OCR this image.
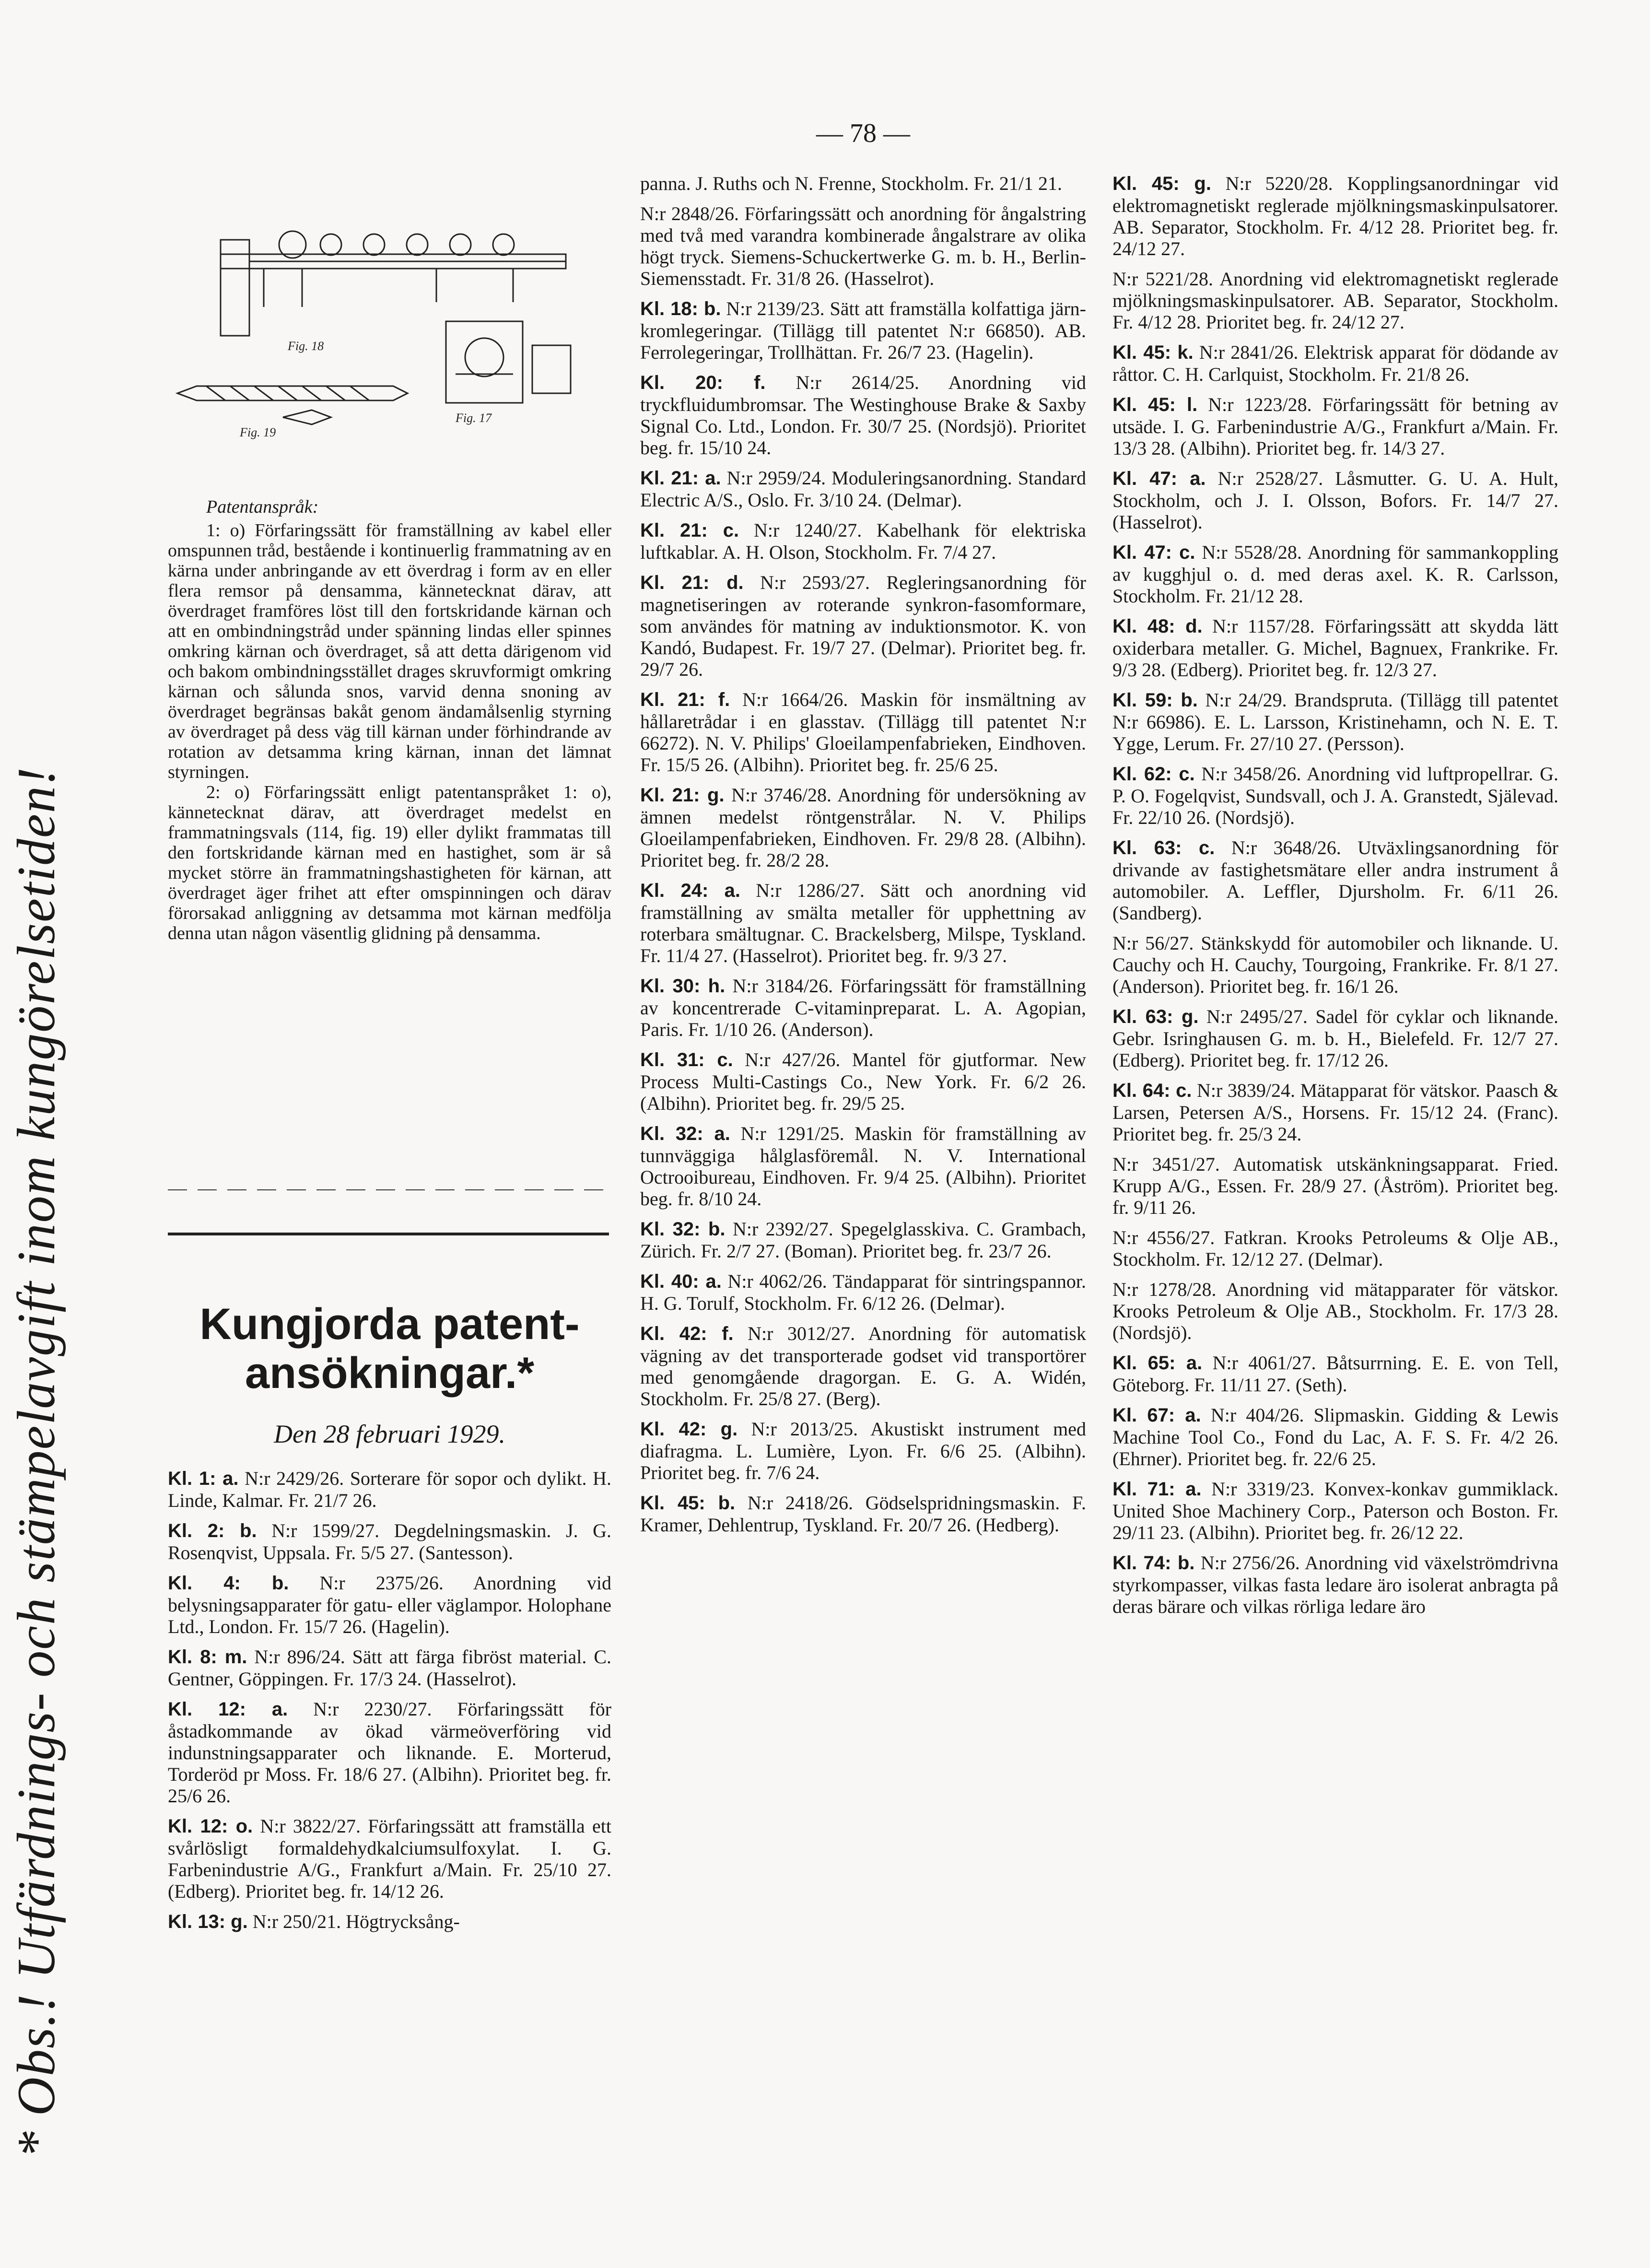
* Obs.! Utfärdnings- och stämpelavgift inom kungörelsetiden!
— 78 —
Fig. 18
Fig. 19
Fig. 17
Patentanspråk:

1: o) Förfaringssätt för framställning av kabel eller omspunnen tråd, bestående i kontinuerlig frammatning av en kärna under anbringande av ett överdrag i form av en eller flera remsor på densamma, kännetecknat därav, att överdraget framföres löst till den fortskridande kärnan och att en ombindningstråd under spänning lindas eller spinnes omkring kärnan och överdraget, så att detta därigenom vid och bakom ombindningsstället drages skruvformigt omkring kärnan och sålunda snos, varvid denna snoning av överdraget begränsas bakåt genom ändamålsenlig styrning av överdraget på dess väg till kärnan under förhindrande av rotation av detsamma kring kärnan, innan det lämnat styrningen.

2: o) Förfaringssätt enligt patentanspråket 1: o), kännetecknat därav, att överdraget medelst en frammatningsvals (114, fig. 19) eller dylikt frammatas till den fortskridande kärnan med en hastighet, som är så mycket större än frammatningshastigheten för kärnan, att överdraget äger frihet att efter omspinningen och därav förorsakad anliggning av detsamma mot kärnan medfölja denna utan någon väsentlig glidning på densamma.

Kungjorda patent-ansökningar.*
Den 28 februari 1929.
Kl. 1: a. N:r 2429/26. Sorterare för sopor och dylikt. H. Linde, Kalmar. Fr. 21/7 26.
Kl. 2: b. N:r 1599/27. Degdelningsmaskin. J. G. Rosenqvist, Uppsala. Fr. 5/5 27. (Santesson).
Kl. 4: b. N:r 2375/26. Anordning vid belysningsapparater för gatu- eller väglampor. Holophane Ltd., London. Fr. 15/7 26. (Hagelin).
Kl. 8: m. N:r 896/24. Sätt att färga fibröst material. C. Gentner, Göppingen. Fr. 17/3 24. (Hasselrot).
Kl. 12: a. N:r 2230/27. Förfaringssätt för åstadkommande av ökad värmeöverföring vid indunstningsapparater och liknande. E. Morterud, Torderöd pr Moss. Fr. 18/6 27. (Albihn). Prioritet beg. fr. 25/6 26.
Kl. 12: o. N:r 3822/27. Förfaringssätt att framställa ett svårlösligt formaldehydkalciumsulfoxylat. I. G. Farbenindustrie A/G., Frankfurt a/Main. Fr. 25/10 27. (Edberg). Prioritet beg. fr. 14/12 26.
Kl. 13: g. N:r 250/21. Högtrycksång-
panna. J. Ruths och N. Frenne, Stockholm. Fr. 21/1 21.
N:r 2848/26. Förfaringssätt och anordning för ångalstring med två med varandra kombinerade ångalstrare av olika högt tryck. Siemens-Schuckertwerke G. m. b. H., Berlin-Siemensstadt. Fr. 31/8 26. (Hasselrot).
Kl. 18: b. N:r 2139/23. Sätt att framställa kolfattiga järn-kromlegeringar. (Tillägg till patentet N:r 66850). AB. Ferrolegeringar, Trollhättan. Fr. 26/7 23. (Hagelin).
Kl. 20: f. N:r 2614/25. Anordning vid tryckfluidumbromsar. The Westinghouse Brake & Saxby Signal Co. Ltd., London. Fr. 30/7 25. (Nordsjö). Prioritet beg. fr. 15/10 24.
Kl. 21: a. N:r 2959/24. Moduleringsanordning. Standard Electric A/S., Oslo. Fr. 3/10 24. (Delmar).
Kl. 21: c. N:r 1240/27. Kabelhank för elektriska luftkablar. A. H. Olson, Stockholm. Fr. 7/4 27.
Kl. 21: d. N:r 2593/27. Regleringsanordning för magnetiseringen av roterande synkron-fasomformare, som användes för matning av induktionsmotor. K. von Kandó, Budapest. Fr. 19/7 27. (Delmar). Prioritet beg. fr. 29/7 26.
Kl. 21: f. N:r 1664/26. Maskin för insmältning av hållaretrådar i en glasstav. (Tillägg till patentet N:r 66272). N. V. Philips' Gloeilampenfabrieken, Eindhoven. Fr. 15/5 26. (Albihn). Prioritet beg. fr. 25/6 25.
Kl. 21: g. N:r 3746/28. Anordning för undersökning av ämnen medelst röntgenstrålar. N. V. Philips Gloeilampenfabrieken, Eindhoven. Fr. 29/8 28. (Albihn). Prioritet beg. fr. 28/2 28.
Kl. 24: a. N:r 1286/27. Sätt och anordning vid framställning av smälta metaller för upphettning av roterbara smältugnar. C. Brackelsberg, Milspe, Tyskland. Fr. 11/4 27. (Hasselrot). Prioritet beg. fr. 9/3 27.
Kl. 30: h. N:r 3184/26. Förfaringssätt för framställning av koncentrerade C-vitaminpreparat. L. A. Agopian, Paris. Fr. 1/10 26. (Anderson).
Kl. 31: c. N:r 427/26. Mantel för gjutformar. New Process Multi-Castings Co., New York. Fr. 6/2 26. (Albihn). Prioritet beg. fr. 29/5 25.
Kl. 32: a. N:r 1291/25. Maskin för framställning av tunnväggiga hålglasföremål. N. V. International Octrooibureau, Eindhoven. Fr. 9/4 25. (Albihn). Prioritet beg. fr. 8/10 24.
Kl. 32: b. N:r 2392/27. Spegelglasskiva. C. Grambach, Zürich. Fr. 2/7 27. (Boman). Prioritet beg. fr. 23/7 26.
Kl. 40: a. N:r 4062/26. Tändapparat för sintringspannor. H. G. Torulf, Stockholm. Fr. 6/12 26. (Delmar).
Kl. 42: f. N:r 3012/27. Anordning för automatisk vägning av det transporterade godset vid transportörer med genomgående dragorgan. E. G. A. Widén, Stockholm. Fr. 25/8 27. (Berg).
Kl. 42: g. N:r 2013/25. Akustiskt instrument med diafragma. L. Lumière, Lyon. Fr. 6/6 25. (Albihn). Prioritet beg. fr. 7/6 24.
Kl. 45: b. N:r 2418/26. Gödselspridningsmaskin. F. Kramer, Dehlentrup, Tyskland. Fr. 20/7 26. (Hedberg).
Kl. 45: g. N:r 5220/28. Kopplingsanordningar vid elektromagnetiskt reglerade mjölkningsmaskinpulsatorer. AB. Separator, Stockholm. Fr. 4/12 28. Prioritet beg. fr. 24/12 27.
N:r 5221/28. Anordning vid elektromagnetiskt reglerade mjölkningsmaskinpulsatorer. AB. Separator, Stockholm. Fr. 4/12 28. Prioritet beg. fr. 24/12 27.
Kl. 45: k. N:r 2841/26. Elektrisk apparat för dödande av råttor. C. H. Carlquist, Stockholm. Fr. 21/8 26.
Kl. 45: l. N:r 1223/28. Förfaringssätt för betning av utsäde. I. G. Farbenindustrie A/G., Frankfurt a/Main. Fr. 13/3 28. (Albihn). Prioritet beg. fr. 14/3 27.
Kl. 47: a. N:r 2528/27. Låsmutter. G. U. A. Hult, Stockholm, och J. I. Olsson, Bofors. Fr. 14/7 27. (Hasselrot).
Kl. 47: c. N:r 5528/28. Anordning för sammankoppling av kugghjul o. d. med deras axel. K. R. Carlsson, Stockholm. Fr. 21/12 28.
Kl. 48: d. N:r 1157/28. Förfaringssätt att skydda lätt oxiderbara metaller. G. Michel, Bagnuex, Frankrike. Fr. 9/3 28. (Edberg). Prioritet beg. fr. 12/3 27.
Kl. 59: b. N:r 24/29. Brandspruta. (Tillägg till patentet N:r 66986). E. L. Larsson, Kristinehamn, och N. E. T. Ygge, Lerum. Fr. 27/10 27. (Persson).
Kl. 62: c. N:r 3458/26. Anordning vid luftpropellrar. G. P. O. Fogelqvist, Sundsvall, och J. A. Granstedt, Själevad. Fr. 22/10 26. (Nordsjö).
Kl. 63: c. N:r 3648/26. Utväxlingsanordning för drivande av fastighetsmätare eller andra instrument å automobiler. A. Leffler, Djursholm. Fr. 6/11 26. (Sandberg).
N:r 56/27. Stänkskydd för automobiler och liknande. U. Cauchy och H. Cauchy, Tourgoing, Frankrike. Fr. 8/1 27. (Anderson). Prioritet beg. fr. 16/1 26.
Kl. 63: g. N:r 2495/27. Sadel för cyklar och liknande. Gebr. Isringhausen G. m. b. H., Bielefeld. Fr. 12/7 27. (Edberg). Prioritet beg. fr. 17/12 26.
Kl. 64: c. N:r 3839/24. Mätapparat för vätskor. Paasch & Larsen, Petersen A/S., Horsens. Fr. 15/12 24. (Franc). Prioritet beg. fr. 25/3 24.
N:r 3451/27. Automatisk utskänkningsapparat. Fried. Krupp A/G., Essen. Fr. 28/9 27. (Åström). Prioritet beg. fr. 9/11 26.
N:r 4556/27. Fatkran. Krooks Petroleums & Olje AB., Stockholm. Fr. 12/12 27. (Delmar).
N:r 1278/28. Anordning vid mätapparater för vätskor. Krooks Petroleum & Olje AB., Stockholm. Fr. 17/3 28. (Nordsjö).
Kl. 65: a. N:r 4061/27. Båtsurrning. E. E. von Tell, Göteborg. Fr. 11/11 27. (Seth).
Kl. 67: a. N:r 404/26. Slipmaskin. Gidding & Lewis Machine Tool Co., Fond du Lac, A. F. S. Fr. 4/2 26. (Ehrner). Prioritet beg. fr. 22/6 25.
Kl. 71: a. N:r 3319/23. Konvex-konkav gummiklack. United Shoe Machinery Corp., Paterson och Boston. Fr. 29/11 23. (Albihn). Prioritet beg. fr. 26/12 22.
Kl. 74: b. N:r 2756/26. Anordning vid växelströmdrivna styrkompasser, vilkas fasta ledare äro isolerat anbragta på deras bärare och vilkas rörliga ledare äro
